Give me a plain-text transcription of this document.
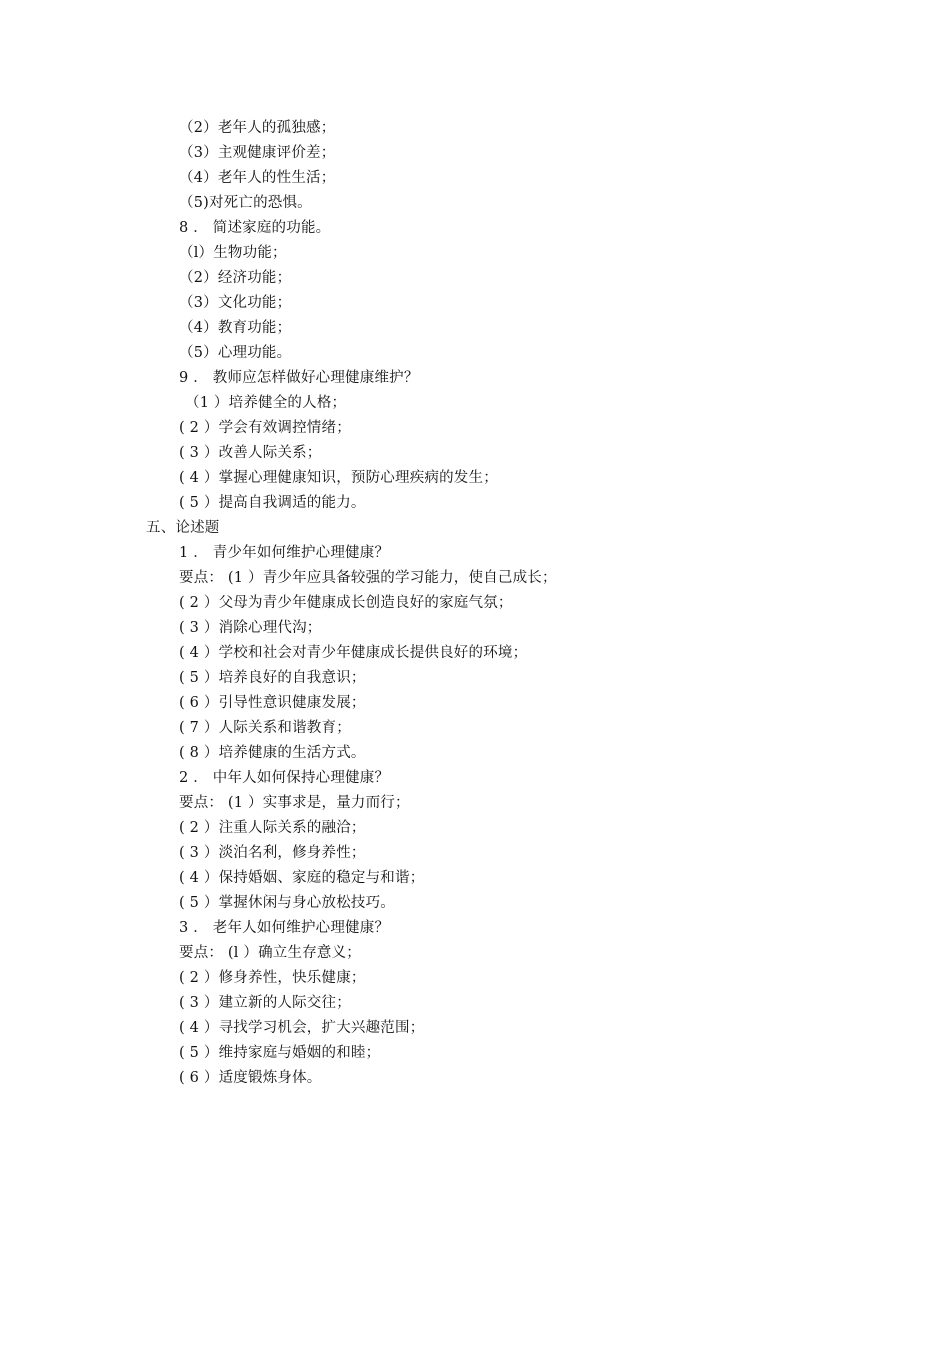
（2）老年人的孤独感；
（3）主观健康评价差；
（4）老年人的性生活；
（5)对死亡的恐惧。
8 ． 简述家庭的功能。
（l）生物功能；
（2）经济功能；
（3）文化功能；
（4）教育功能；
（5）心理功能。
9 ． 教师应怎样做好心理健康维护？
（1 ）培养健全的人格；
( 2 ）学会有效调控情绪；
( 3 ）改善人际关系；
( 4 ）掌握心理健康知识，预防心理疾病的发生；
( 5 ）提高自我调适的能力。
五、论述题
1 ． 青少年如何维护心理健康？
要点： (1 ）青少年应具备较强的学习能力，使自己成长；
( 2 ）父母为青少年健康成长创造良好的家庭气氛；
( 3 ）消除心理代沟；
( 4 ）学校和社会对青少年健康成长提供良好的环境；
( 5 ）培养良好的自我意识；
( 6 ）引导性意识健康发展；
( 7 ）人际关系和谐教育；
( 8 ）培养健康的生活方式。
2 ． 中年人如何保持心理健康？
要点： (1 ）实事求是，量力而行；
( 2 ）注重人际关系的融洽；
( 3 ）淡泊名利，修身养性；
( 4 ）保持婚姻、家庭的稳定与和谐；
( 5 ）掌握休闲与身心放松技巧。
3 ． 老年人如何维护心理健康？
要点： (l ）确立生存意义；
( 2 ）修身养性，快乐健康；
( 3 ）建立新的人际交往；
( 4 ）寻找学习机会，扩大兴趣范围；
( 5 ）维持家庭与婚姻的和睦；
( 6 ）适度锻炼身体。
